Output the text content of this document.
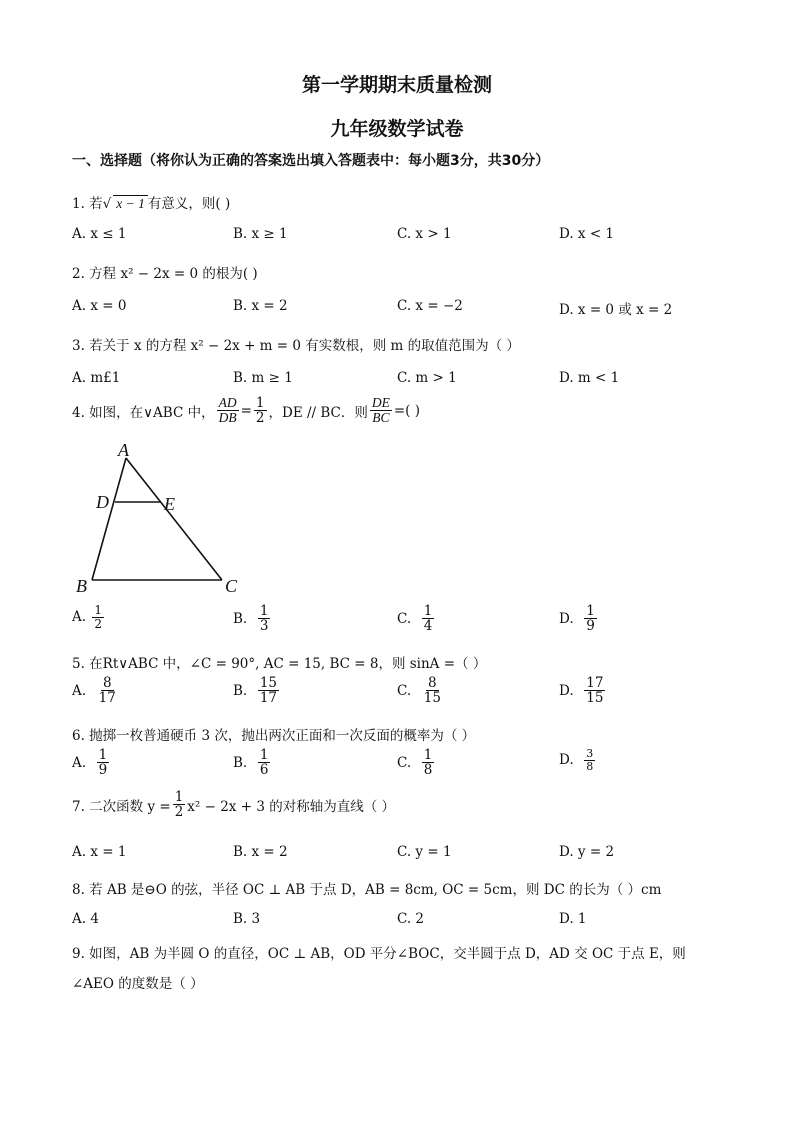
第一学期期末质量检测
九年级数学试卷
一、选择题（将你认为正确的答案选出填入答题表中：每小题3分，共30分）
1. 若√ x − 1 有意义，则( )
A. x ≤ 1	B. x ≥ 1	C. x > 1	D. x < 1
2. 方程 x² − 2x = 0 的根为( )
A. x = 0	B. x = 2	C. x = −2	D. x = 0 或 x = 2
3. 若关于 x 的方程 x² − 2x + m = 0 有实数根，则 m 的取值范围为（ ）
A. m£1	B. m ≥ 1	C. m > 1	D. m < 1
4. 如图，在∨ABC 中， $\frac{AD}{DB} = \frac{1}{2}$ ，DE // BC．则 $\frac{DE}{BC}$ =( )
A
B	C
D	E
A.
$\frac{1}{2}$	B.
$\frac{1}{3}$	C.
$\frac{1}{4}$	D.
$\frac{1}{9}$
5. 在Rt∨ABC 中，∠C = 90°, AC = 15, BC = 8，则 sinA =（ ）
A.
$\frac{8}{17}$	B.
$\frac{15}{17}$	C.
$\frac{8}{15}$	D.
$\frac{17}{15}$
6. 抛掷一枚普通硬币 3 次，抛出两次正面和一次反面的概率为（ ）
A.
$\frac{1}{9}$	B.
$\frac{1}{6}$	C.
$\frac{1}{8}$	D.
$\frac{3}{8}$
7. 二次函数 $y = \frac{1}{2} x^2 - 2x + 3$ 的对称轴为直线（ ）
A. x = 1	B. x = 2	C. y = 1	D. y = 2
8. 若 AB 是⊖O 的弦，半径 OC ⊥ AB 于点 D，AB = 8cm, OC = 5cm，则 DC 的长为（ ）cm
A. 4	B. 3	C. 2	D. 1
9. 如图，AB 为半圆 O 的直径，OC ⊥ AB，OD 平分∠BOC，交半圆于点 D，AD 交 OC 于点 E，则
∠AEO 的度数是（ ）
